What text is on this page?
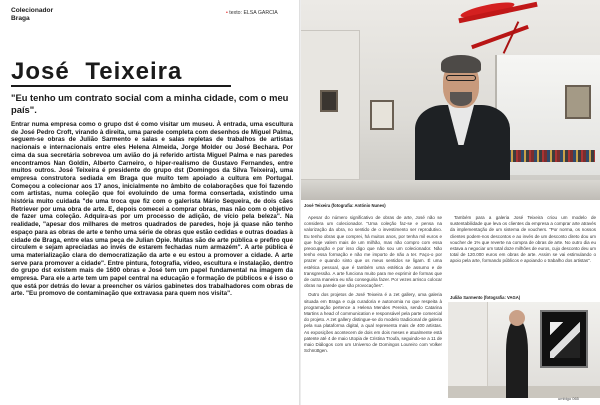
Colecionador
Braga
José Teixeira
"Eu tenho um contrato social com a minha cidade, com o meu país".
Entrar numa empresa como o grupo dst é como visitar um museu. À entrada, uma escultura de José Pedro Croft, virando à direita, uma parede completa com desenhos de Miguel Palma, seguem-se obras de Julião Sarmento e salas e salas repletas de trabalhos de artistas nacionais e internacionais entre eles Helena Almeida, Jorge Molder ou José Bechara. Por cima da sua secretária sobrevoa um avião do já referido artista Miguel Palma e nas paredes encontramos Nan Goldin, Alberto Carneiro, o hiper-realismo de Gustavo Fernandes, entre muitos outros. José Teixeira é presidente do grupo dst (Domingos da Silva Teixeira), uma empresa construtora sediada em Braga que muito tem apoiado a cultura em Portugal. Começou a colecionar aos 17 anos, inicialmente no âmbito de colaborações que foi fazendo com artistas, numa coleção que foi evoluindo de uma forma consertada, existindo uma história muito cuidada "de uma troca que fiz com o galerista Mário Sequeira, de dois cães Retriever por uma obra de arte. E, depois comecei a comprar obras, mas não com o objetivo de fazer uma coleção. Adquira-as por um processo de adição, de vício pela beleza". Na realidade, "apesar dos milhares de metros quadrados de paredes, hoje já quase não tenho espaço para as obras de arte e tenho uma série de obras que estão cedidas e outras doadas à cidade de Braga, entre elas uma peça de Julian Opie. Muitas são de arte pública e prefiro que circulem e sejam apreciadas ao invés de estarem fechadas num armazém". A arte pública é uma materialização clara do democratização da arte e eu estou a promover a cidade. A arte serve para promover a cidade". Entre pintura, fotografia, vídeo, escultura e instalação, dentro do grupo dst existem mais de 1600 obras e José tem um papel fundamental na imagem da empresa. Para ele a arte tem um papel central na educação e formação de públicos e é isso o que está por detrás do levar a preencher os vários gabinetes dos trabalhadores com obras de arte. "Eu promovo de contaminação que extravasa para quem nos visita".
José Teixeira (fotografia: António Nunes)

Apesar do número significativo de obras de arte, José não se considera um colecionador. "Uma coleção faz-se e pensa na valorização da obra, no sentido de o investimento ser reprodutivo. Eu tenho obras que comprei, há muitos anos, por tenha mil euros e que hoje valem mais de um milhão, mas não compro com essa preocupação e por isso digo que não sou um colecionador. Não tenho essa formação e não me importo de não a ter. Faço-o por prazer e quando sinto que os meus sentidos se ligam. É uma estética pessoal, que é também uma estética de assumo e de transgressão. A arte funciona muito para me exprimir de formas que de outra maneira eu não conseguiria fazer. Por vezes arrisco colocar obras na parede que são provocações".

Outro dos projetos de José Teixeira é a zet gallery, uma galeria situada em Braga e cuja curadoria e autonomia no que respeita à programação pertence a Helena Mendes Pereira, sendo Catarina Martins a head of communication e responsável pela parte comercial do projeto. A zet gallery distingue-se do modelo tradicional de galeria pela sua plataforma digital, a qual representa mais de 400 artistas. As exposições acontecem de dois em dois meses e atualmente está patente até 4 de maio Utopia de Cristina Troufa, seguindo-se a 11 de maio Diálogos com um Universo de Domingos Loureiro com Volker Schnüttgen.

Também para a galeria José Teixeira criou um modelo de sustentabilidade que leva os clientes da empresa a comprar arte através da implementação de um sistema de vouchers. "Por norma, os nossos clientes podem-nos descontos e ao invés de um desconto direto dou um voucher de 1% que reverte na compra de obras de arte. No outro dia eu estava a negociar um total doze milhões de euros, cujo desconto deu um total de 120.000 euros em obras de arte. Assim se vai estimulando o apoio pela arte, formando públicos e apoiando o trabalho dos artistas".

Julião Sarmento (fotografia: VAGA)
umbigo 065
• texto: ELSA GARCIA
